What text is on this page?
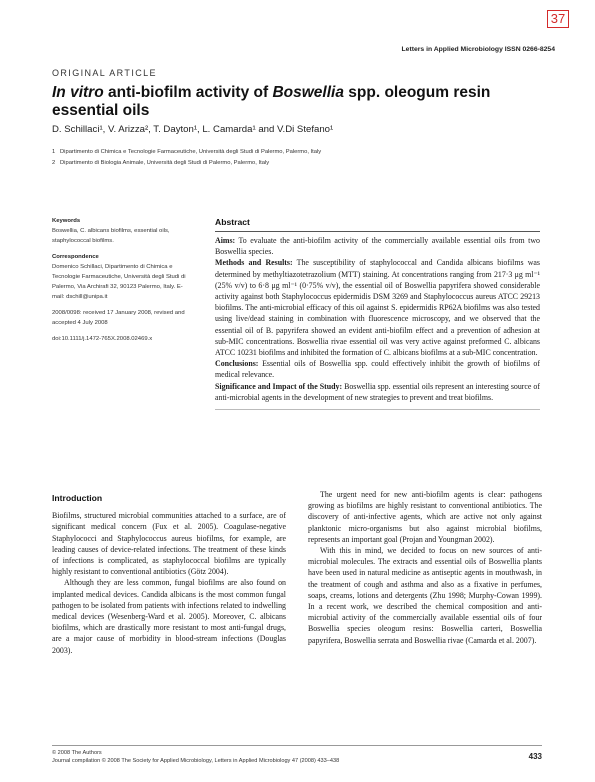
37
Letters in Applied Microbiology ISSN 0266-8254
ORIGINAL ARTICLE
In vitro anti-biofilm activity of Boswellia spp. oleogum resin essential oils
D. Schillaci¹, V. Arizza², T. Dayton¹, L. Camarda¹ and V.Di Stefano¹
1 Dipartimento di Chimica e Tecnologie Farmaceutiche, Università degli Studi di Palermo, Palermo, Italy
2 Dipartimento di Biologia Animale, Università degli Studi di Palermo, Palermo, Italy

Keywords
Boswellia, C. albicans biofilms, essential oils, staphylococcal biofilms.

Correspondence
Domenico Schillaci, Dipartimento di Chimica e Tecnologie Farmaceutiche, Università degli Studi di Palermo, Via Archirafi 32, 90123 Palermo, Italy. E-mail: dschill@unipa.it

2008/0098: received 17 January 2008, revised and accepted 4 July 2008

doi:10.1111/j.1472-765X.2008.02469.x

Abstract

Aims: To evaluate the anti-biofilm activity of the commercially available essential oils from two Boswellia species.

Methods and Results: The susceptibility of staphylococcal and Candida albicans biofilms was determined by methyltiazotetrazolium (MTT) staining. At concentrations ranging from 217·3 μg ml⁻¹ (25% v/v) to 6·8 μg ml⁻¹ (0·75% v/v), the essential oil of Boswellia papyrifera showed considerable activity against both Staphylococcus epidermidis DSM 3269 and Staphylococcus aureus ATCC 29213 biofilms. The anti-microbial efficacy of this oil against S. epidermidis RP62A biofilms was also tested using live/dead staining in combination with fluorescence microscopy, and we observed that the essential oil of B. papyrifera showed an evident anti-biofilm effect and a prevention of adhesion at sub-MIC concentrations. Boswellia rivae essential oil was very active against preformed C. albicans ATCC 10231 biofilms and inhibited the formation of C. albicans biofilms at a sub-MIC concentration.

Conclusions: Essential oils of Boswellia spp. could effectively inhibit the growth of biofilms of medical relevance.

Significance and Impact of the Study: Boswellia spp. essential oils represent an interesting source of anti-microbial agents in the development of new strategies to prevent and treat biofilms.

Introduction

Biofilms, structured microbial communities attached to a surface, are of significant medical concern (Fux et al. 2005). Coagulase-negative Staphylococci and Staphylococcus aureus biofilms, for example, are leading causes of device-related infections. The treatment of these kinds of infections is complicated, as staphylococcal biofilms are typically highly resistant to conventional antibiotics (Götz 2004).

Although they are less common, fungal biofilms are also found on implanted medical devices. Candida albicans is the most common fungal pathogen to be isolated from patients with infections related to indwelling medical devices (Wesenberg-Ward et al. 2005). Moreover, C. albicans biofilms, which are drastically more resistant to most anti-fungal drugs, are a major cause of morbidity in blood-stream infections (Douglas 2003).

The urgent need for new anti-biofilm agents is clear: pathogens growing as biofilms are highly resistant to conventional antibiotics. The discovery of anti-infective agents, which are active not only against planktonic micro-organisms but also against microbial biofilms, represents an important goal (Projan and Youngman 2002).

With this in mind, we decided to focus on new sources of anti-microbial molecules. The extracts and essential oils of Boswellia plants have been used in natural medicine as antiseptic agents in mouthwash, in the treatment of cough and asthma and also as a fixative in perfumes, soaps, creams, lotions and detergents (Zhu 1998; Murphy-Cowan 1999). In a recent work, we described the chemical composition and anti-microbial activity of the commercially available essential oils of four Boswellia species oleogum resins: Boswellia carteri, Boswellia papyrifera, Boswellia serrata and Boswellia rivae (Camarda et al. 2007).

© 2008 The Authors
Journal compilation © 2008 The Society for Applied Microbiology, Letters in Applied Microbiology 47 (2008) 433–438	433
